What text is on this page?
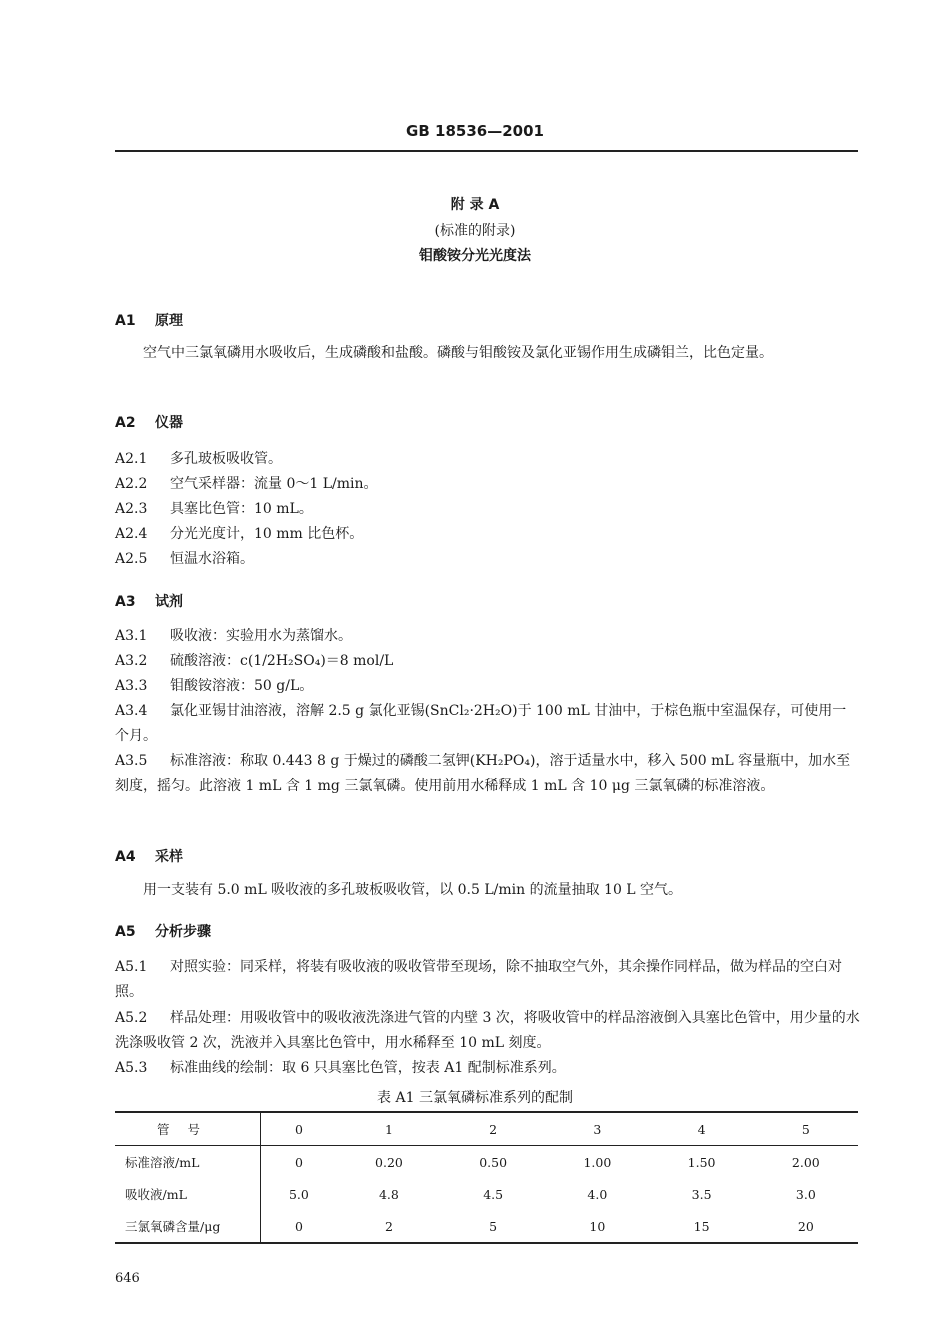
GB 18536—2001
附 录 A
(标准的附录)
钼酸铵分光光度法
A1 原理
空气中三氯氧磷用水吸收后，生成磷酸和盐酸。磷酸与钼酸铵及氯化亚锡作用生成磷钼兰，比色定量。
A2 仪器
A2.1 多孔玻板吸收管。
A2.2 空气采样器：流量 0～1 L/min。
A2.3 具塞比色管：10 mL。
A2.4 分光光度计，10 mm 比色杯。
A2.5 恒温水浴箱。
A3 试剂
A3.1 吸收液：实验用水为蒸馏水。
A3.2 硫酸溶液：c(1/2H₂SO₄)＝8 mol/L
A3.3 钼酸铵溶液：50 g/L。
A3.4 氯化亚锡甘油溶液，溶解 2.5 g 氯化亚锡(SnCl₂·2H₂O)于 100 mL 甘油中，于棕色瓶中室温保存，可使用一个月。
A3.5 标准溶液：称取 0.443 8 g 于燥过的磷酸二氢钾(KH₂PO₄)，溶于适量水中，移入 500 mL 容量瓶中，加水至刻度，摇匀。此溶液 1 mL 含 1 mg 三氯氧磷。使用前用水稀释成 1 mL 含 10 μg 三氯氧磷的标准溶液。
A4 采样
用一支装有 5.0 mL 吸收液的多孔玻板吸收管，以 0.5 L/min 的流量抽取 10 L 空气。
A5 分析步骤
A5.1 对照实验：同采样，将装有吸收液的吸收管带至现场，除不抽取空气外，其余操作同样品，做为样品的空白对照。
A5.2 样品处理：用吸收管中的吸收液洗涤进气管的内壁 3 次，将吸收管中的样品溶液倒入具塞比色管中，用少量的水洗涤吸收管 2 次，洗液并入具塞比色管中，用水稀释至 10 mL 刻度。
A5.3 标准曲线的绘制：取 6 只具塞比色管，按表 A1 配制标准系列。
表 A1 三氯氧磷标准系列的配制
管号	0	1	2	3	4	5
标准溶液/mL	0	0.20	0.50	1.00	1.50	2.00
吸收液/mL	5.0	4.8	4.5	4.0	3.5	3.0
三氯氧磷含量/μg	0	2	5	10	15	20
646
